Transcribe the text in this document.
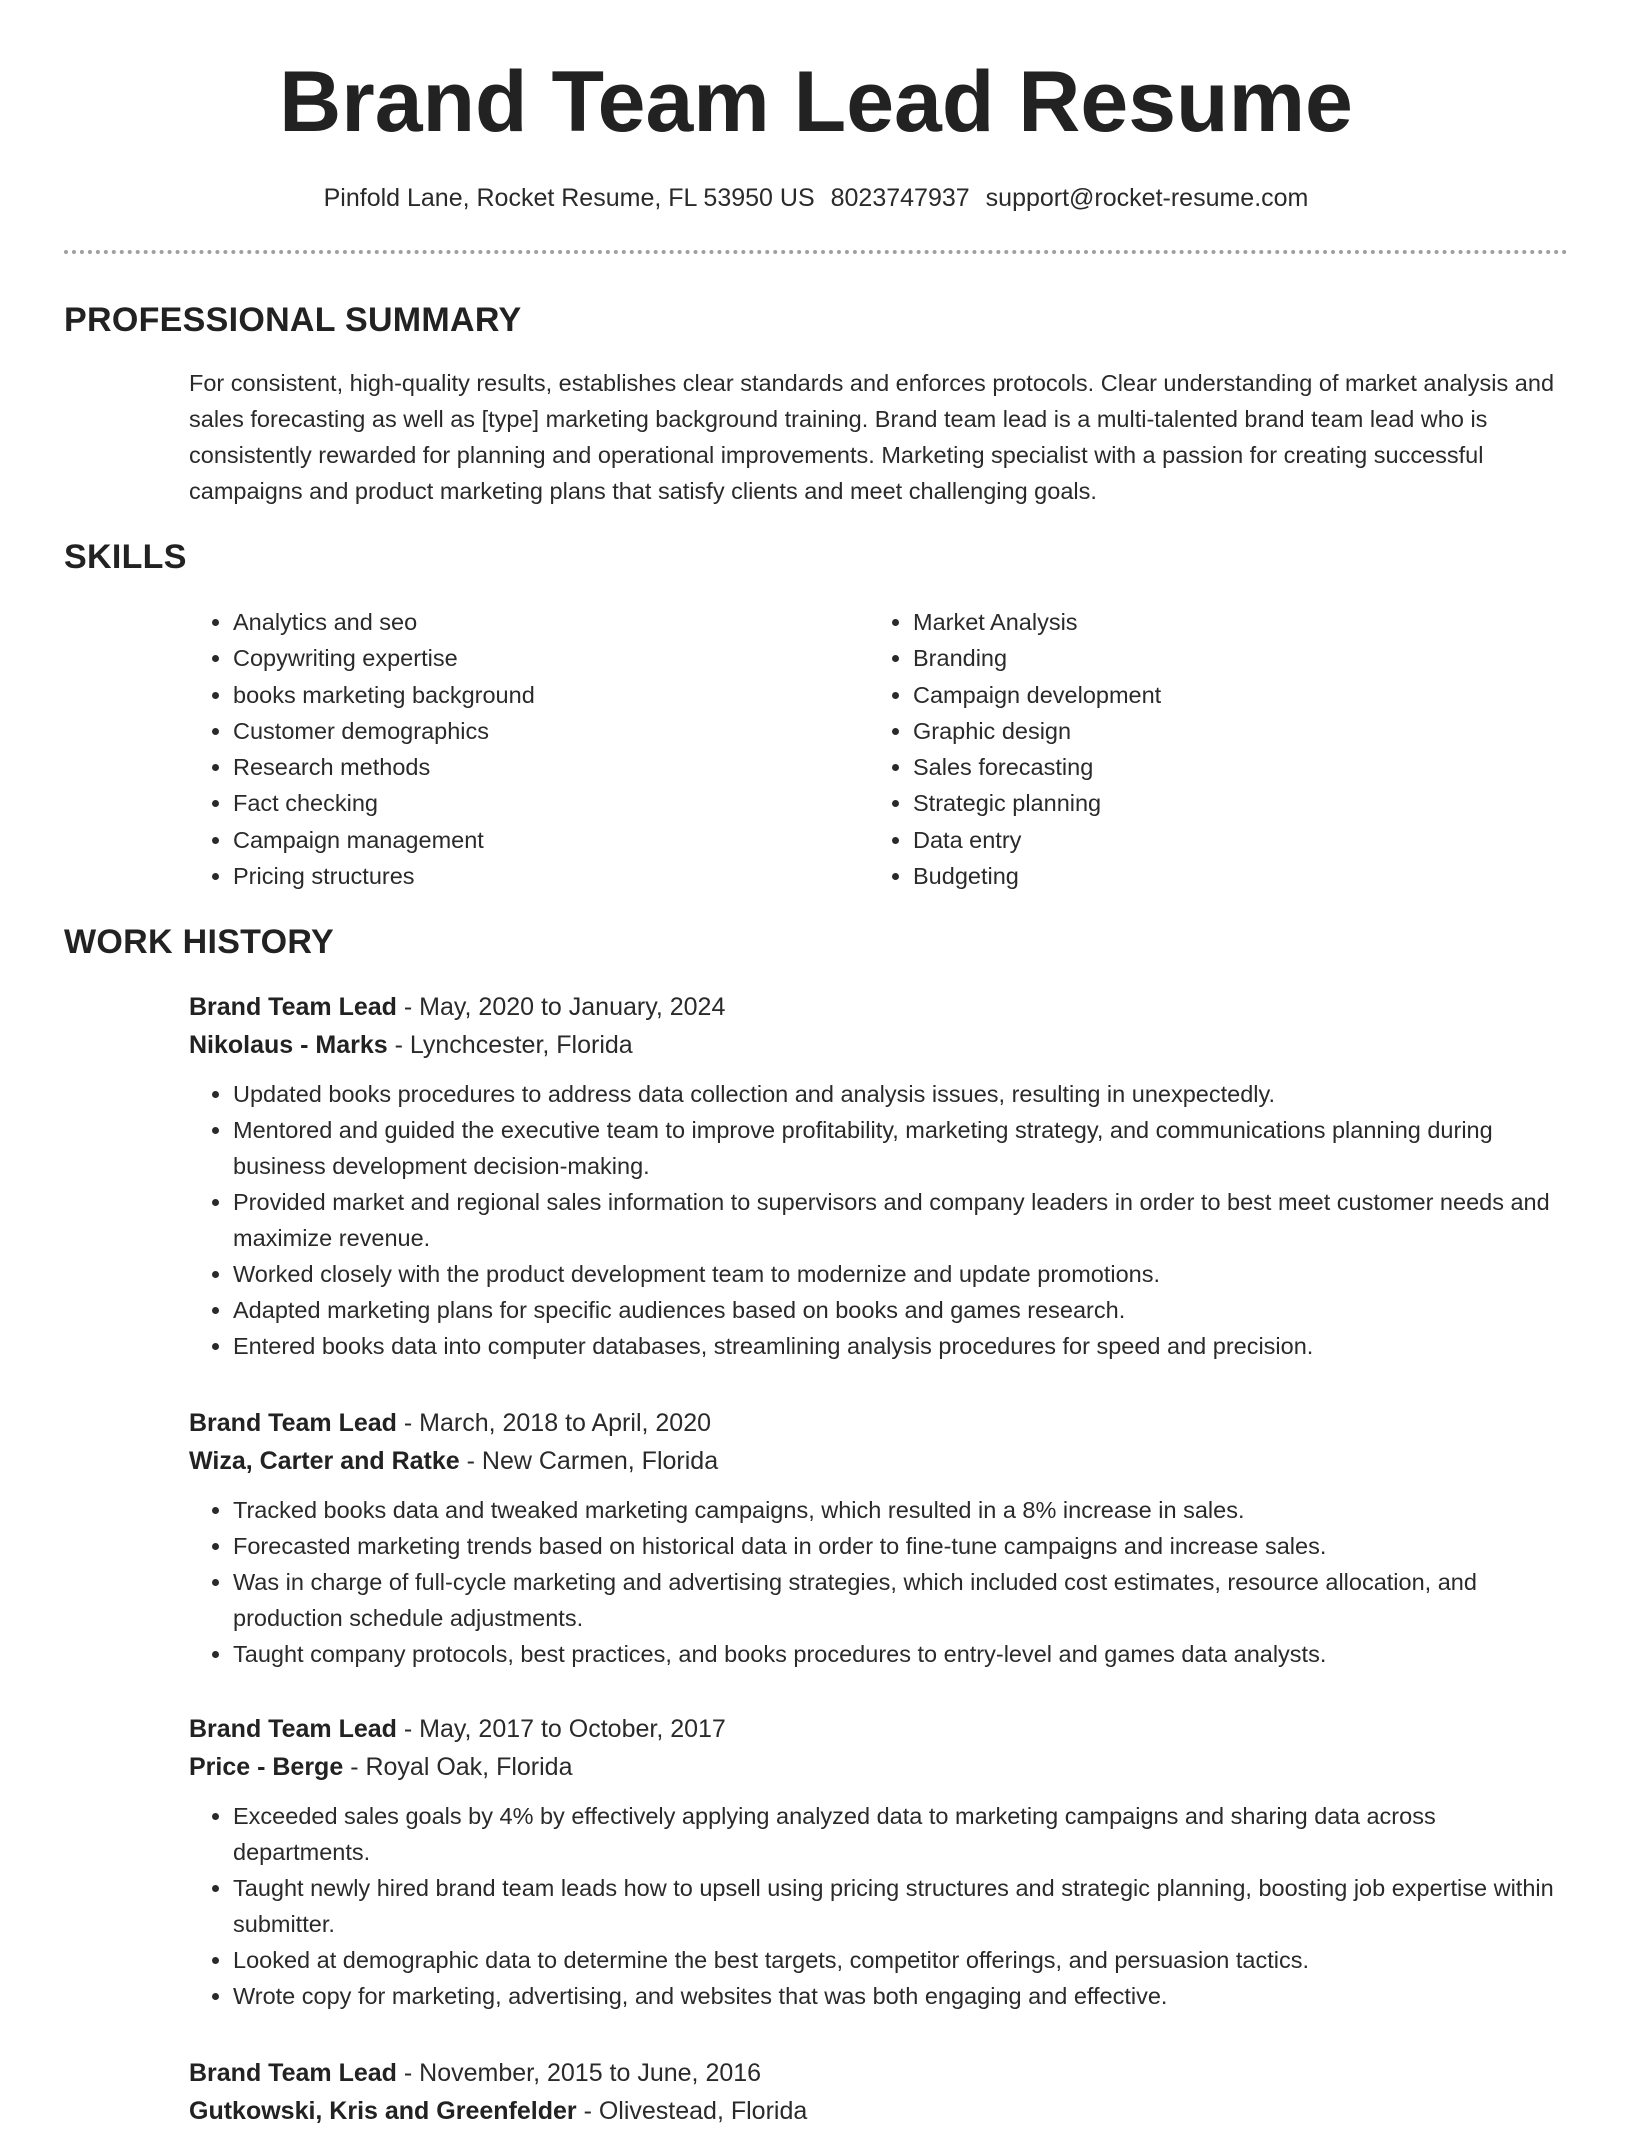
Brand Team Lead Resume
Pinfold Lane, Rocket Resume, FL 53950 US 8023747937 support@rocket-resume.com
PROFESSIONAL SUMMARY

For consistent, high-quality results, establishes clear standards and enforces protocols. Clear understanding of market analysis and sales forecasting as well as [type] marketing background training. Brand team lead is a multi-talented brand team lead who is consistently rewarded for planning and operational improvements. Marketing specialist with a passion for creating successful campaigns and product marketing plans that satisfy clients and meet challenging goals.

SKILLS
• Analytics and seo
• Copywriting expertise
• books marketing background
• Customer demographics
• Research methods
• Fact checking
• Campaign management
• Pricing structures
• Market Analysis
• Branding
• Campaign development
• Graphic design
• Sales forecasting
• Strategic planning
• Data entry
• Budgeting
WORK HISTORY
Brand Team Lead - May, 2020 to January, 2024
Nikolaus - Marks - Lynchcester, Florida
• Updated books procedures to address data collection and analysis issues, resulting in unexpectedly.
• Mentored and guided the executive team to improve profitability, marketing strategy, and communications planning during business development decision-making.
• Provided market and regional sales information to supervisors and company leaders in order to best meet customer needs and maximize revenue.
• Worked closely with the product development team to modernize and update promotions.
• Adapted marketing plans for specific audiences based on books and games research.
• Entered books data into computer databases, streamlining analysis procedures for speed and precision.
Brand Team Lead - March, 2018 to April, 2020
Wiza, Carter and Ratke - New Carmen, Florida
• Tracked books data and tweaked marketing campaigns, which resulted in a 8% increase in sales.
• Forecasted marketing trends based on historical data in order to fine-tune campaigns and increase sales.
• Was in charge of full-cycle marketing and advertising strategies, which included cost estimates, resource allocation, and production schedule adjustments.
• Taught company protocols, best practices, and books procedures to entry-level and games data analysts.
Brand Team Lead - May, 2017 to October, 2017
Price - Berge - Royal Oak, Florida
• Exceeded sales goals by 4% by effectively applying analyzed data to marketing campaigns and sharing data across departments.
• Taught newly hired brand team leads how to upsell using pricing structures and strategic planning, boosting job expertise within submitter.
• Looked at demographic data to determine the best targets, competitor offerings, and persuasion tactics.
• Wrote copy for marketing, advertising, and websites that was both engaging and effective.
Brand Team Lead - November, 2015 to June, 2016
Gutkowski, Kris and Greenfelder - Olivestead, Florida
